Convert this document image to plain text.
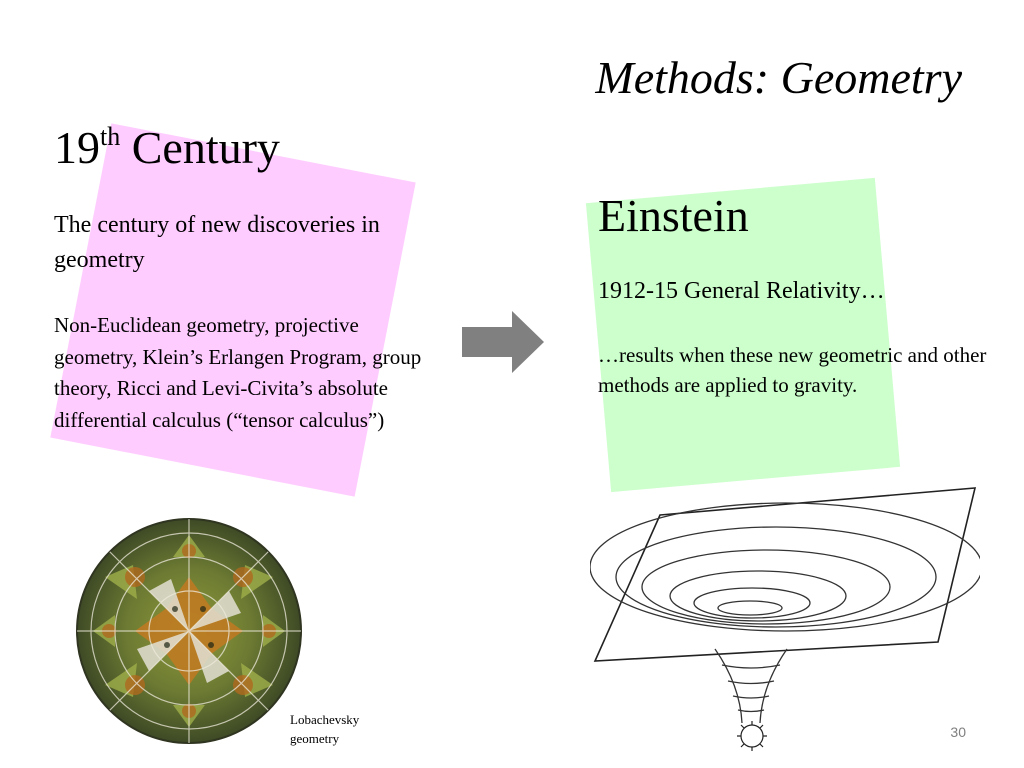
Methods: Geometry
19th Century
The century of new discoveries in geometry
Non-Euclidean geometry, projective geometry, Klein’s Erlangen Program, group theory, Ricci and Levi-Civita’s absolute differential calculus (“tensor calculus”)
Einstein
1912-15 General Relativity…
…results when these new geometric and other methods are applied to gravity.
Lobachevsky
geometry	30
